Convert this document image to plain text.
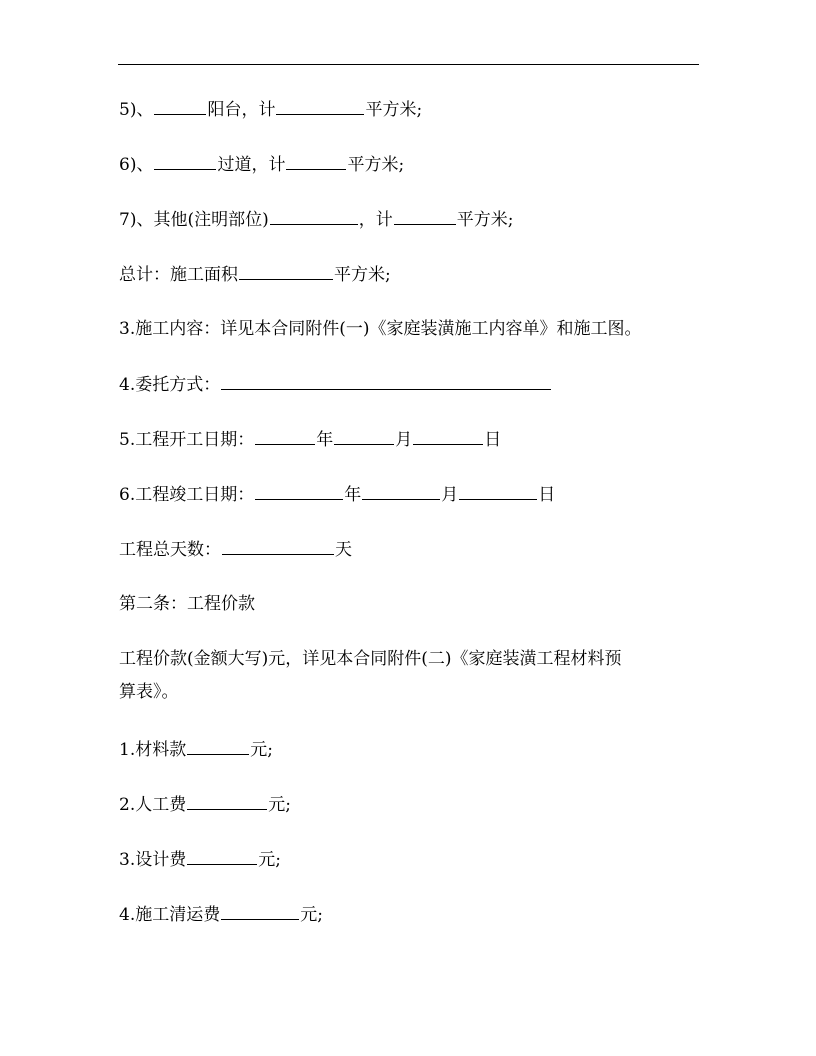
5)、	阳台，计	平方米;
6)、	过道，计	平方米;
7)、其他(注明部位)	，计	平方米;
总计：施工面积	平方米;
3.施工内容：详见本合同附件(一)《家庭装潢施工内容单》和施工图。
4.委托方式：
5.工程开工日期：	年	月	日
6.工程竣工日期：	年	月	日
工程总天数：	天
第二条：工程价款
工程价款(金额大写)元，详见本合同附件(二)《家庭装潢工程材料预
算表》。
1.材料款	元;
2.人工费	元;
3.设计费	元;
4.施工清运费	元;
